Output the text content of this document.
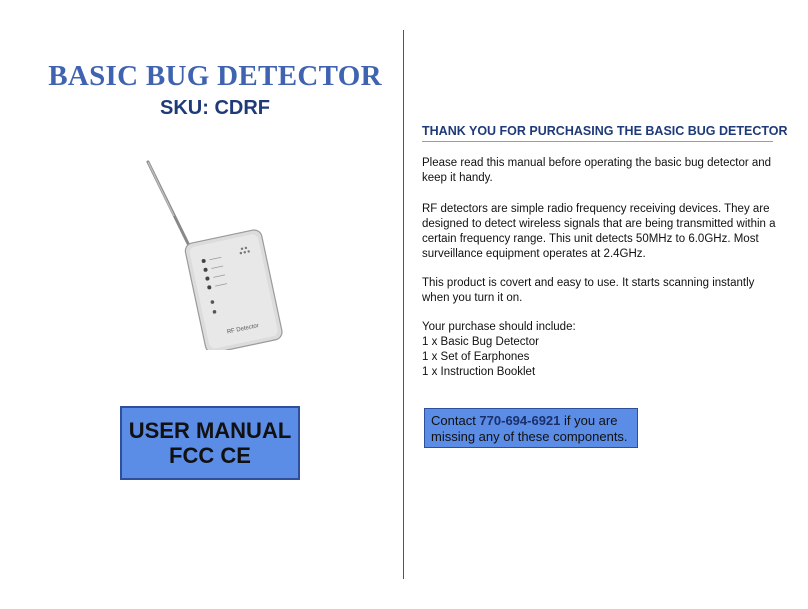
BASIC BUG DETECTOR
SKU: CDRF
RF Detector
USER MANUAL
FCC CE
THANK YOU FOR PURCHASING THE BASIC BUG DETECTOR
Please read this manual before operating the basic bug detector and keep it handy.
RF detectors are simple radio frequency receiving devices. They are designed to detect wireless signals that are being transmitted within a certain frequency range. This unit detects 50MHz to 6.0GHz. Most surveillance equipment operates at 2.4GHz.
This product is covert and easy to use. It starts scanning instantly when you turn it on.
Your purchase should include:
1 x Basic Bug Detector
1 x Set of Earphones
1 x Instruction Booklet
Contact 770-694-6921 if you are missing any of these components.
